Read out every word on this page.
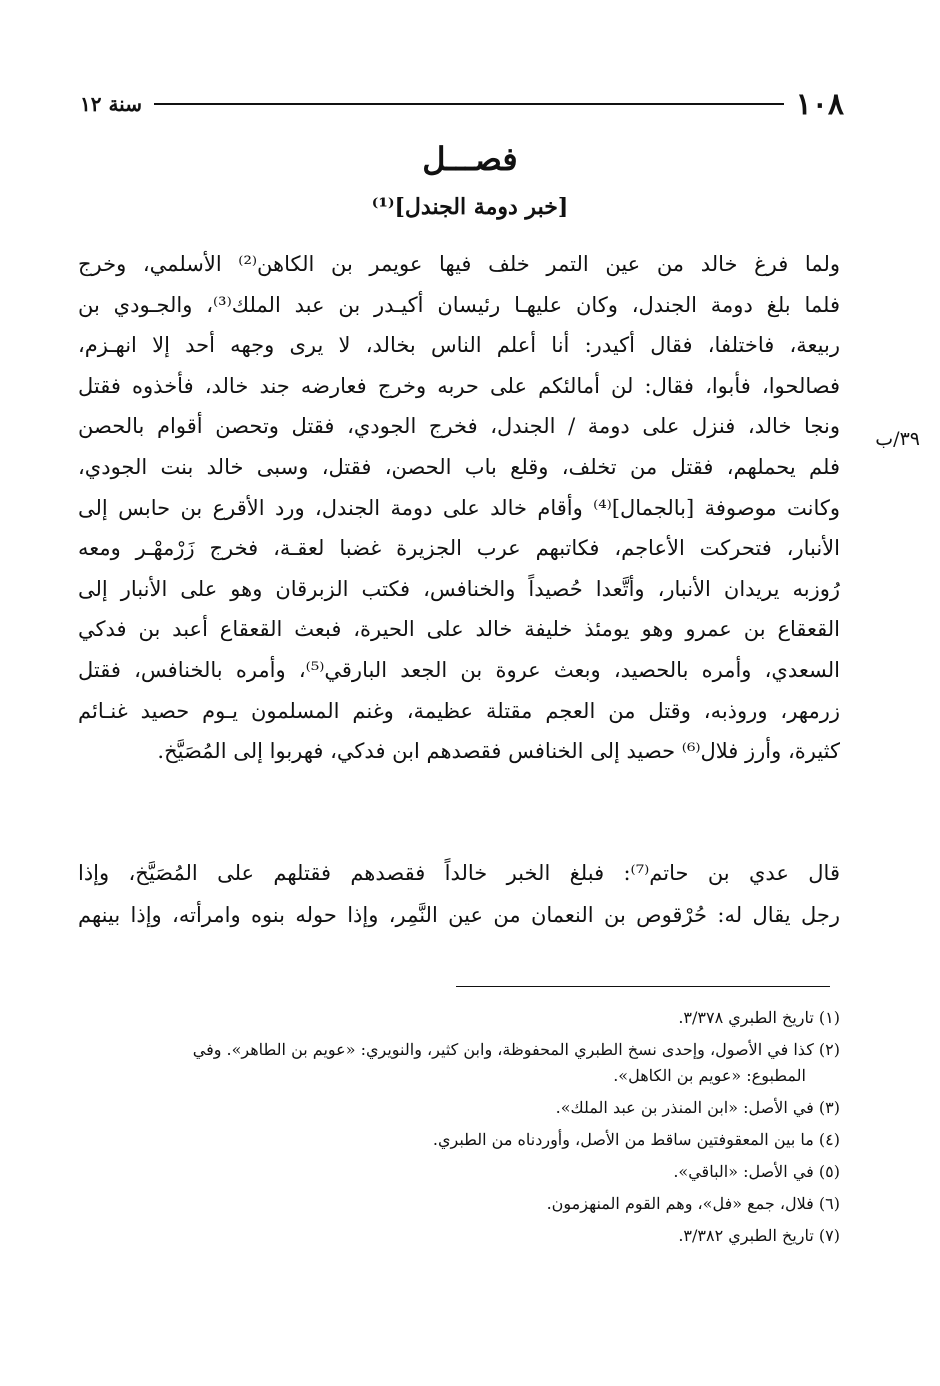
١٠٨
سنة ١٢
فصـــل
[خبر دومة الجندل]⁽¹⁾
٣٩/ب
ولما فرغ خالد من عين التمر خلف فيها عويمر بن الكاهن⁽²⁾ الأسلمي، وخرج
فلما بلغ دومة الجندل، وكان عليهـا رئيسان أكيـدر بن عبد الملك⁽³⁾، والجـودي بن
ربيعة، فاختلفا، فقال أكيدر: أنا أعلم الناس بخالد، لا يرى وجهه أحد إلا انهـزم،
فصالحوا، فأبوا، فقال: لن أمالئكم على حربه وخرج فعارضه جند خالد، فأخذوه فقتل
ونجا خالد، فنزل على دومة / الجندل، فخرج الجودي، فقتل وتحصن أقوام بالحصن
فلم يحملهم، فقتل من تخلف، وقلع باب الحصن، فقتل، وسبى خالد بنت الجودي،
وكانت موصوفة [بالجمال]⁽⁴⁾ وأقام خالد على دومة الجندل، ورد الأقرع بن حابس إلى
الأنبار، فتحركت الأعاجم، فكاتبهم عرب الجزيرة غضبا لعقـة، فخرج زَرْمهْـر ومعه
رُوزبه يريدان الأنبار، وأتَّعدا حُصيداً والخنافس، فكتب الزبرقان وهو على الأنبار إلى
القعقاع بن عمرو وهو يومئذ خليفة خالد على الحيرة، فبعث القعقاع أعبد بن فدكي
السعدي، وأمره بالحصيد، وبعث عروة بن الجعد البارقي⁽⁵⁾، وأمره بالخنافس، فقتل
زرمهر، وروذبه، وقتل من العجم مقتلة عظيمة، وغنم المسلمون يـوم حصيد غنـائم
كثيرة، وأرز فلال⁽⁶⁾ حصيد إلى الخنافس فقصدهم ابن فدكي، فهربوا إلى المُصَيَّخ.
قال عدي بن حاتم⁽⁷⁾: فبلغ الخبر خالداً فقصدهم فقتلهم على المُصَيَّخ، وإذا
رجل يقال له: حُرْقوص بن النعمان من عين النَّمِر، وإذا حوله بنوه وامرأته، وإذا بينهم
(١) تاريخ الطبري ٣/٣٧٨.
(٢) كذا في الأصول، وإحدى نسخ الطبري المحفوظة، وابن كثير، والنويري: «عويم بن الطاهر». وفي
المطبوع: «عويم بن الكاهل».
(٣) في الأصل: «ابن المنذر بن عبد الملك».
(٤) ما بين المعقوفتين ساقط من الأصل، وأوردناه من الطبري.
(٥) في الأصل: «الباقي».
(٦) فلال، جمع «فل»، وهم القوم المنهزمون.
(٧) تاريخ الطبري ٣/٣٨٢.
